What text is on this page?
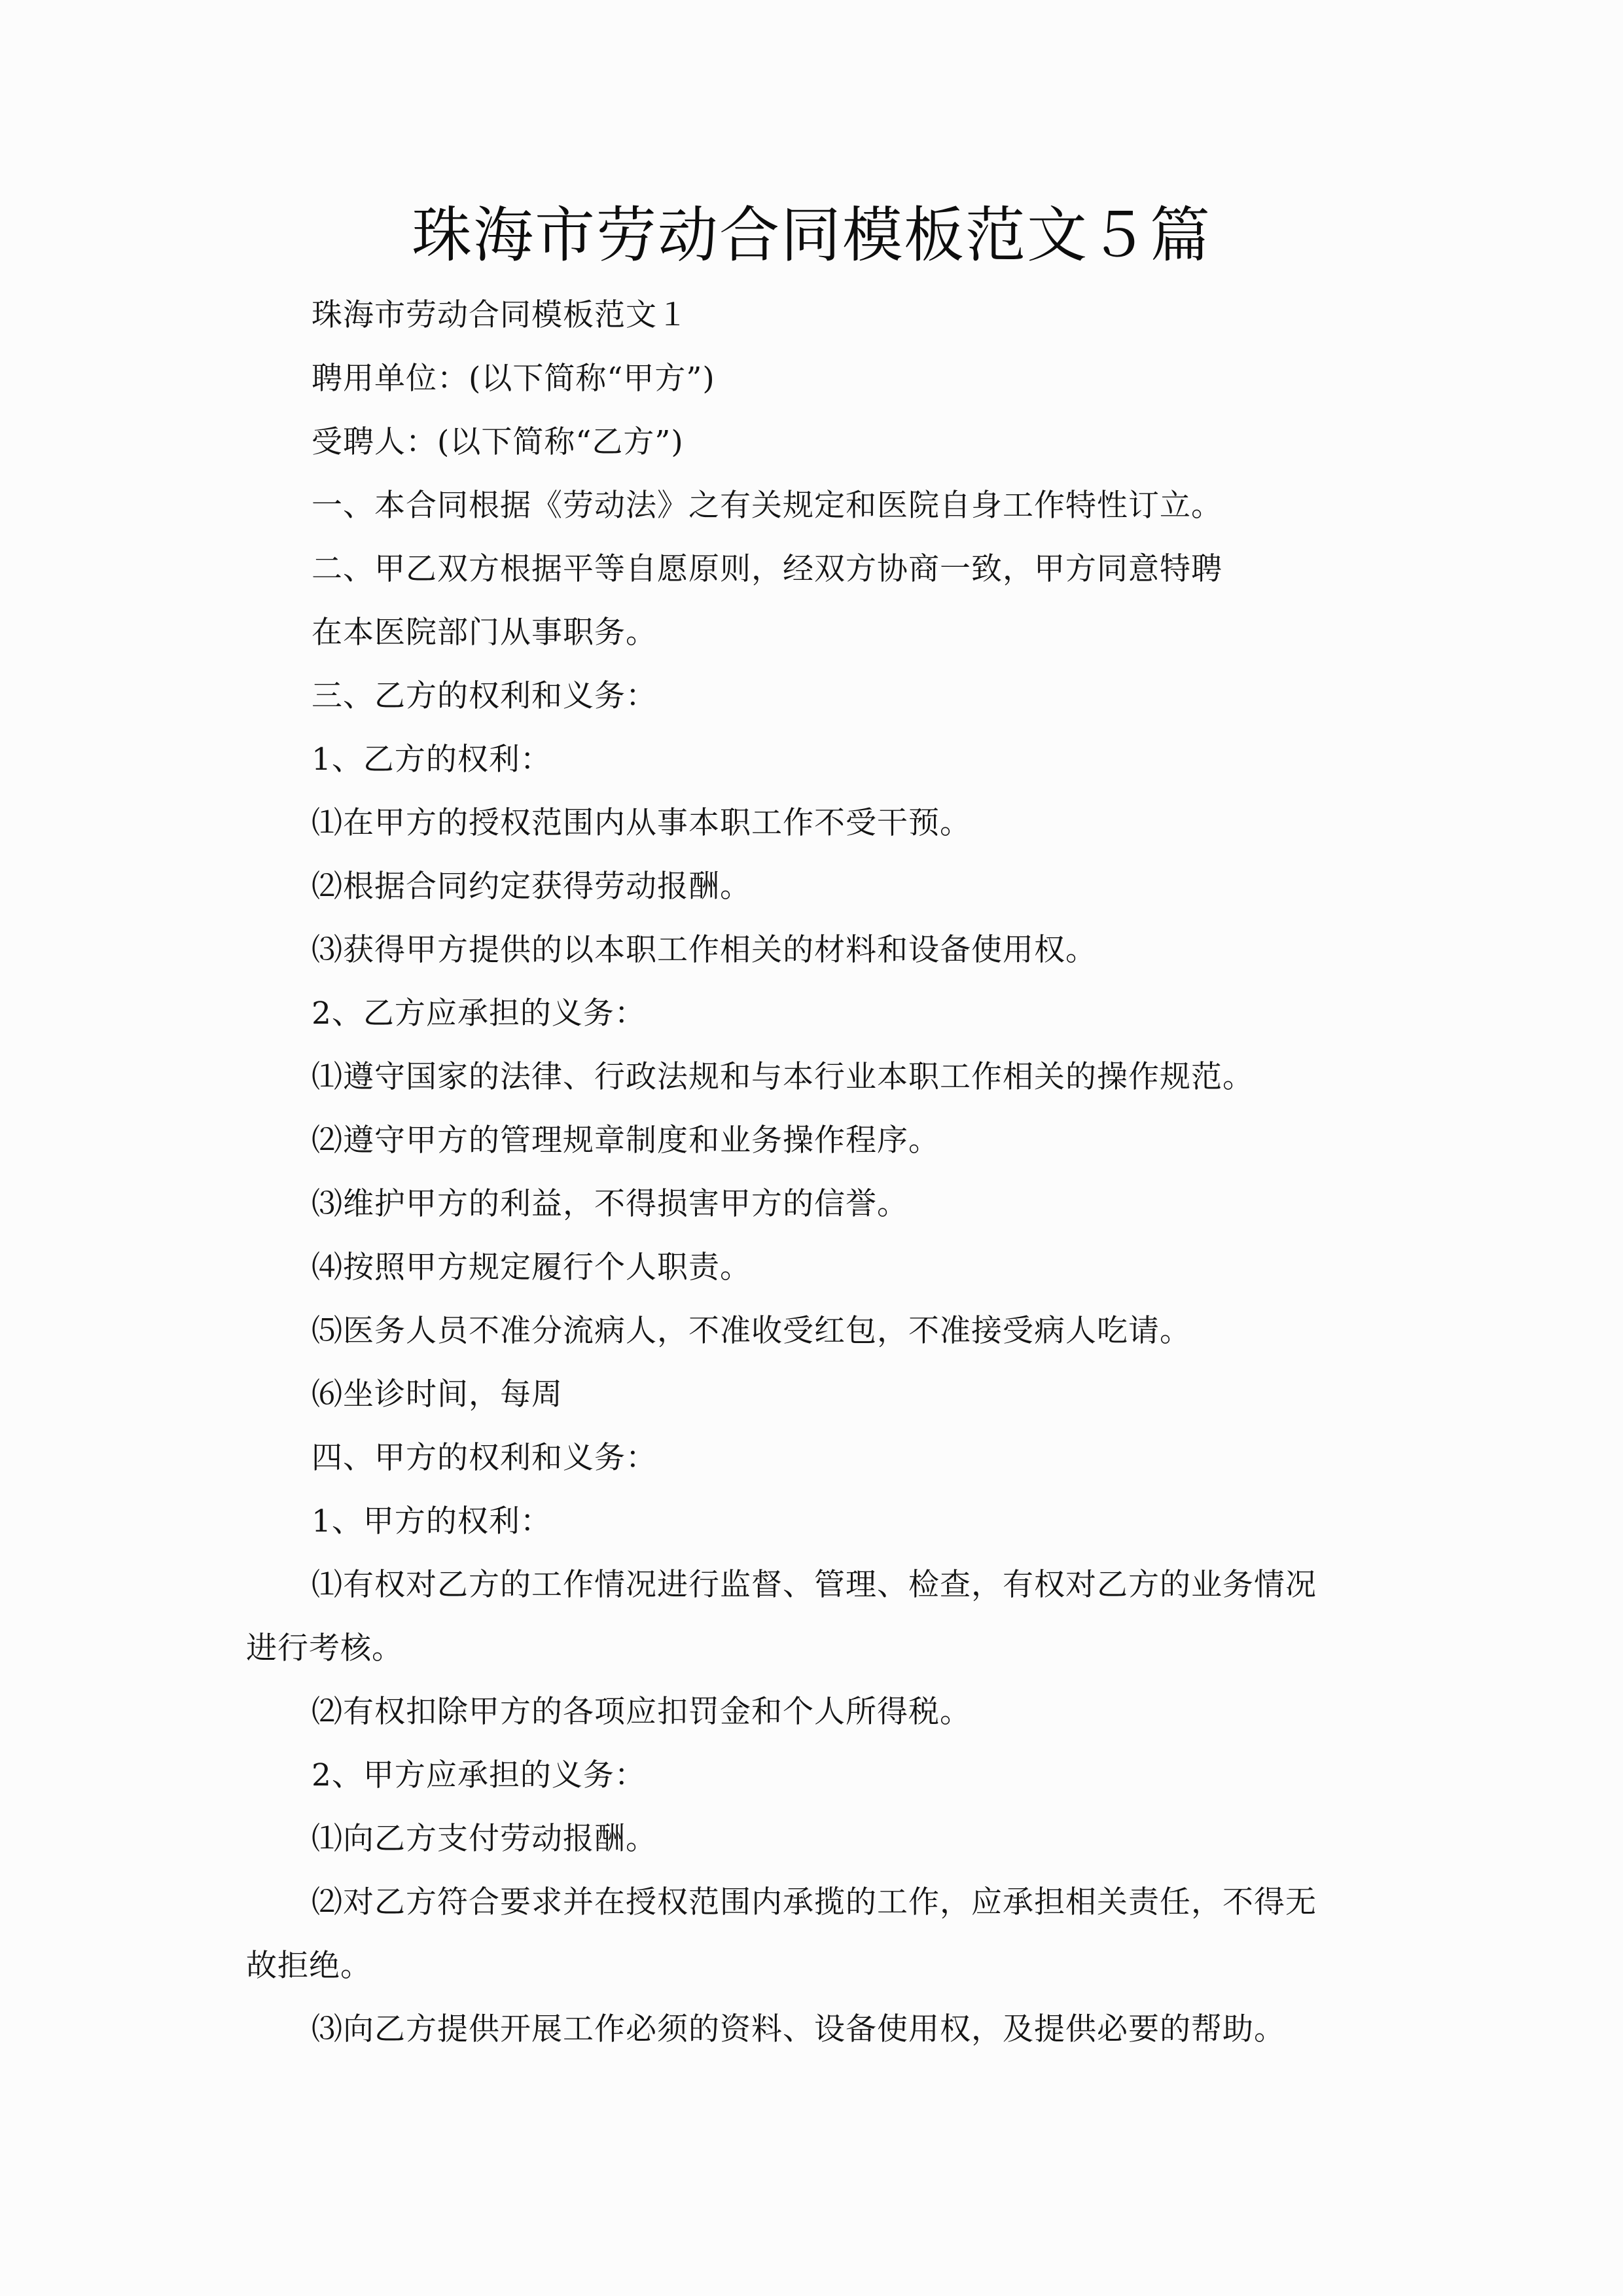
珠海市劳动合同模板范文５篇
珠海市劳动合同模板范文１
聘用单位：(以下简称“甲方”)
受聘人：(以下简称“乙方”)
一、本合同根据《劳动法》之有关规定和医院自身工作特性订立。
二、甲乙双方根据平等自愿原则，经双方协商一致，甲方同意特聘
在本医院部门从事职务。
三、乙方的权利和义务：
1、乙方的权利：
⑴在甲方的授权范围内从事本职工作不受干预。
⑵根据合同约定获得劳动报酬。
⑶获得甲方提供的以本职工作相关的材料和设备使用权。
2、乙方应承担的义务：
⑴遵守国家的法律、行政法规和与本行业本职工作相关的操作规范。
⑵遵守甲方的管理规章制度和业务操作程序。
⑶维护甲方的利益，不得损害甲方的信誉。
⑷按照甲方规定履行个人职责。
⑸医务人员不准分流病人，不准收受红包，不准接受病人吃请。
⑹坐诊时间，每周
四、甲方的权利和义务：
1、甲方的权利：
⑴有权对乙方的工作情况进行监督、管理、检查，有权对乙方的业务情况
进行考核。
⑵有权扣除甲方的各项应扣罚金和个人所得税。
2、甲方应承担的义务：
⑴向乙方支付劳动报酬。
⑵对乙方符合要求并在授权范围内承揽的工作，应承担相关责任，不得无
故拒绝。
⑶向乙方提供开展工作必须的资料、设备使用权，及提供必要的帮助。
